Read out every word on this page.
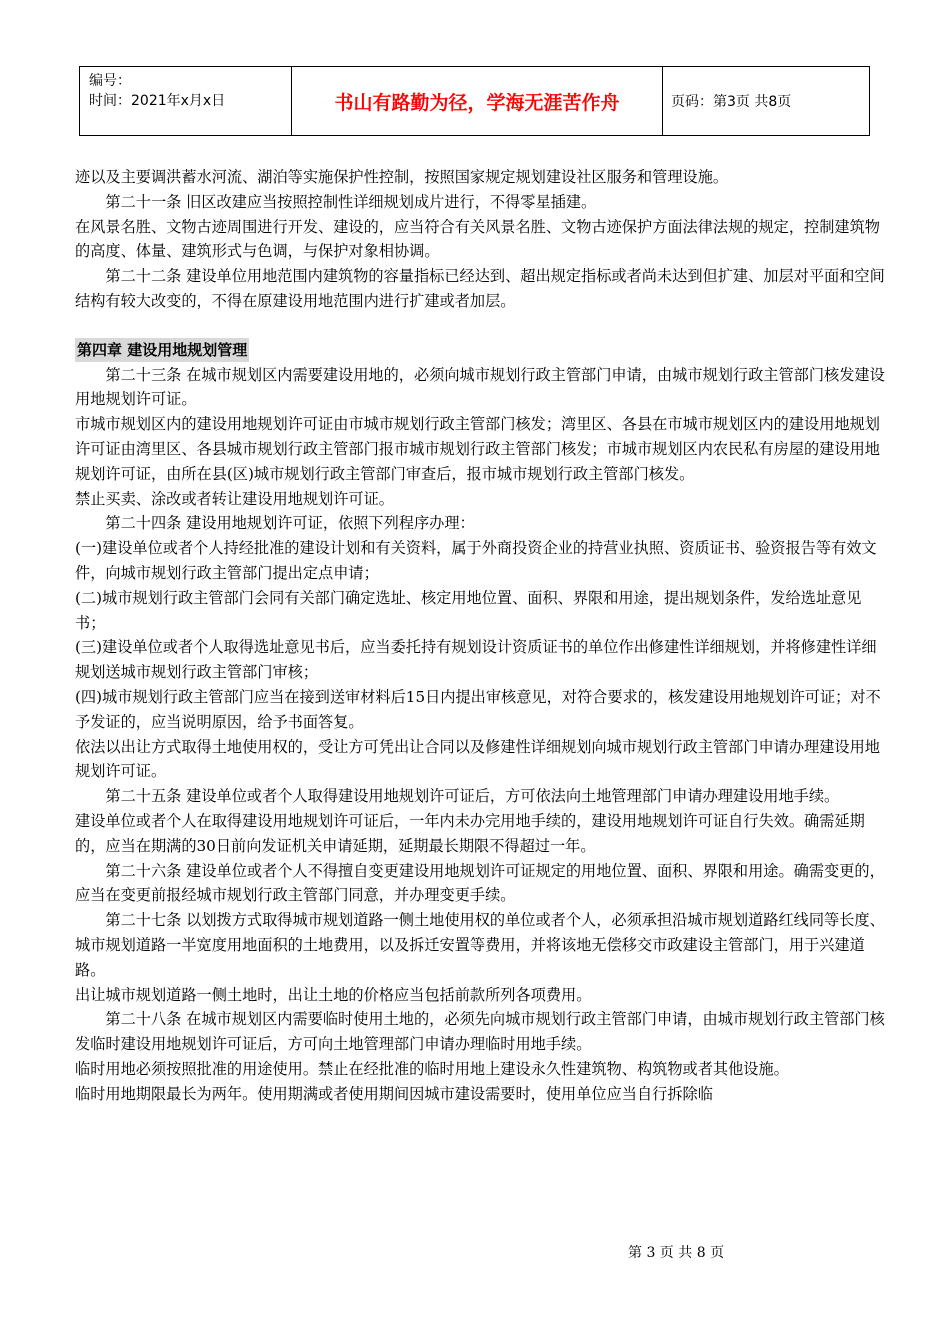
编号：
时间：2021年x月x日	书山有路勤为径，学海无涯苦作舟	页码：第3页 共8页

迹以及主要调洪蓄水河流、湖泊等实施保护性控制，按照国家规定规划建设社区服务和管理设施。

第二十一条 旧区改建应当按照控制性详细规划成片进行，不得零星插建。

在风景名胜、文物古迹周围进行开发、建设的，应当符合有关风景名胜、文物古迹保护方面法律法规的规定，控制建筑物的高度、体量、建筑形式与色调，与保护对象相协调。

第二十二条 建设单位用地范围内建筑物的容量指标已经达到、超出规定指标或者尚未达到但扩建、加层对平面和空间结构有较大改变的，不得在原建设用地范围内进行扩建或者加层。

第四章 建设用地规划管理

第二十三条 在城市规划区内需要建设用地的，必须向城市规划行政主管部门申请，由城市规划行政主管部门核发建设用地规划许可证。

市城市规划区内的建设用地规划许可证由市城市规划行政主管部门核发；湾里区、各县在市城市规划区内的建设用地规划许可证由湾里区、各县城市规划行政主管部门报市城市规划行政主管部门核发；市城市规划区内农民私有房屋的建设用地规划许可证，由所在县(区)城市规划行政主管部门审查后，报市城市规划行政主管部门核发。

禁止买卖、涂改或者转让建设用地规划许可证。

第二十四条 建设用地规划许可证，依照下列程序办理：

(一)建设单位或者个人持经批准的建设计划和有关资料，属于外商投资企业的持营业执照、资质证书、验资报告等有效文件，向城市规划行政主管部门提出定点申请；

(二)城市规划行政主管部门会同有关部门确定选址、核定用地位置、面积、界限和用途，提出规划条件，发给选址意见书；

(三)建设单位或者个人取得选址意见书后，应当委托持有规划设计资质证书的单位作出修建性详细规划，并将修建性详细规划送城市规划行政主管部门审核；

(四)城市规划行政主管部门应当在接到送审材料后15日内提出审核意见，对符合要求的，核发建设用地规划许可证；对不予发证的，应当说明原因，给予书面答复。

依法以出让方式取得土地使用权的，受让方可凭出让合同以及修建性详细规划向城市规划行政主管部门申请办理建设用地规划许可证。

第二十五条 建设单位或者个人取得建设用地规划许可证后，方可依法向土地管理部门申请办理建设用地手续。

建设单位或者个人在取得建设用地规划许可证后，一年内未办完用地手续的，建设用地规划许可证自行失效。确需延期的，应当在期满的30日前向发证机关申请延期，延期最长期限不得超过一年。

第二十六条 建设单位或者个人不得擅自变更建设用地规划许可证规定的用地位置、面积、界限和用途。确需变更的，应当在变更前报经城市规划行政主管部门同意，并办理变更手续。

第二十七条 以划拨方式取得城市规划道路一侧土地使用权的单位或者个人，必须承担沿城市规划道路红线同等长度、城市规划道路一半宽度用地面积的土地费用，以及拆迁安置等费用，并将该地无偿移交市政建设主管部门，用于兴建道路。

出让城市规划道路一侧土地时，出让土地的价格应当包括前款所列各项费用。

第二十八条 在城市规划区内需要临时使用土地的，必须先向城市规划行政主管部门申请，由城市规划行政主管部门核发临时建设用地规划许可证后，方可向土地管理部门申请办理临时用地手续。

临时用地必须按照批准的用途使用。禁止在经批准的临时用地上建设永久性建筑物、构筑物或者其他设施。

临时用地期限最长为两年。使用期满或者使用期间因城市建设需要时，使用单位应当自行拆除临

第 3 页 共 8 页
